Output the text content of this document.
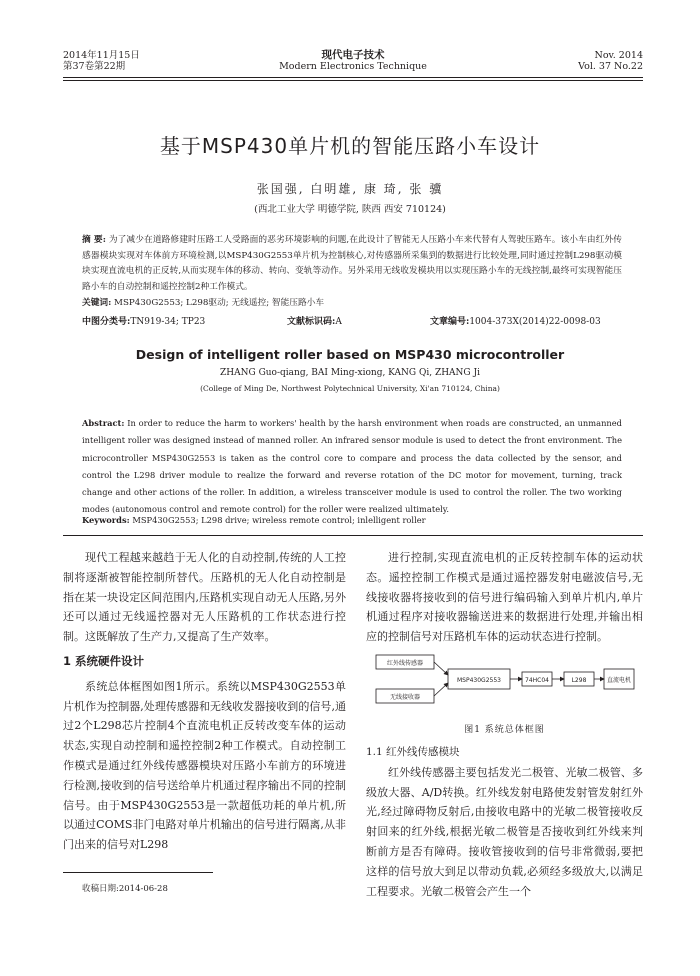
2014年11月15日
第37卷第22期
现代电子技术
Modern Electronics Technique
Nov. 2014
Vol. 37 No.22
基于MSP430单片机的智能压路小车设计
张国强, 白明雄, 康 琦, 张 骥
(西北工业大学 明德学院, 陕西 西安 710124)
摘 要: 为了减少在道路修建时压路工人受路面的恶劣环境影响的问题,在此设计了智能无人压路小车来代替有人驾驶压路车。该小车由红外传感器模块实现对车体前方环境检测,以MSP430G2553单片机为控制核心,对传感器所采集到的数据进行比较处理,同时通过控制L298驱动模块实现直流电机的正反转,从而实现车体的移动、转向、变轨等动作。另外采用无线收发模块用以实现压路小车的无线控制,最终可实现智能压路小车的自动控制和遥控控制2种工作模式。
关键词: MSP430G2553; L298驱动; 无线遥控; 智能压路小车
中图分类号:TN919-34; TP23	文献标识码:A	文章编号:1004-373X(2014)22-0098-03
Design of intelligent roller based on MSP430 microcontroller
ZHANG Guo-qiang, BAI Ming-xiong, KANG Qi, ZHANG Ji
(College of Ming De, Northwest Polytechnical University, Xi'an 710124, China)
Abstract: In order to reduce the harm to workers' health by the harsh environment when roads are constructed, an unmanned intelligent roller was designed instead of manned roller. An infrared sensor module is used to detect the front environment. The microcontroller MSP430G2553 is taken as the control core to compare and process the data collected by the sensor, and control the L298 driver module to realize the forward and reverse rotation of the DC motor for movement, turning, track change and other actions of the roller. In addition, a wireless transceiver module is used to control the roller. The two working modes (autonomous control and remote control) for the roller were realized ultimately.
Keywords: MSP430G2553; L298 drive; wireless remote control; inlelligent roller

现代工程越来越趋于无人化的自动控制,传统的人工控制将逐渐被智能控制所替代。压路机的无人化自动控制是指在某一块设定区间范围内,压路机实现自动无人压路,另外还可以通过无线遥控器对无人压路机的工作状态进行控制。这既解放了生产力,又提高了生产效率。

1 系统硬件设计

系统总体框图如图1所示。系统以MSP430G2553单片机作为控制器,处理传感器和无线收发器接收到的信号,通过2个L298芯片控制4个直流电机正反转改变车体的运动状态,实现自动控制和遥控控制2种工作模式。自动控制工作模式是通过红外线传感器模块对压路小车前方的环境进行检测,接收到的信号送给单片机通过程序输出不同的控制信号。由于MSP430G2553是一款超低功耗的单片机,所以通过COMS非门电路对单片机输出的信号进行隔离,从非门出来的信号对L298

收稿日期:2014-06-28

进行控制,实现直流电机的正反转控制车体的运动状态。遥控控制工作模式是通过遥控器发射电磁波信号,无线接收器将接收到的信号进行编码输入到单片机内,单片机通过程序对接收器输送进来的数据进行处理,并输出相应的控制信号对压路机车体的运动状态进行控制。

红外线传感器
无线接收器
MSP430G2553	74HC04	L298	直流电机
图1 系统总体框图
1.1 红外线传感模块

红外线传感器主要包括发光二极管、光敏二极管、多级放大器、A/D转换。红外线发射电路使发射管发射红外光,经过障碍物反射后,由接收电路中的光敏二极管接收反射回来的红外线,根据光敏二极管是否接收到红外线来判断前方是否有障碍。接收管接收到的信号非常微弱,要把这样的信号放大到足以带动负载,必须经多级放大,以满足工程要求。光敏二极管会产生一个
